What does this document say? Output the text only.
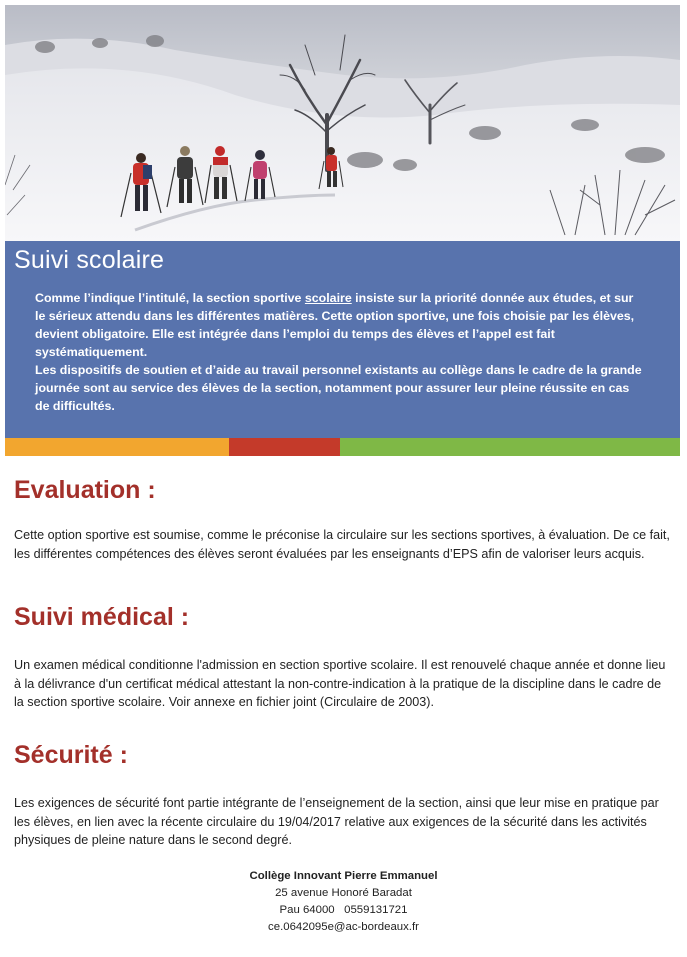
Suivi scolaire

Comme l’indique l’intitulé, la section sportive scolaire insiste sur la priorité donnée aux études, et sur le sérieux attendu dans les différentes matières. Cette option sportive, une fois choisie par les élèves, devient obligatoire. Elle est intégrée dans l’emploi du temps des élèves et l’appel est fait systématiquement.

Les dispositifs de soutien et d’aide au travail personnel existants au collège dans le cadre de la grande journée sont au service des élèves de la section, notamment pour assurer leur pleine réussite en cas de difficultés.

Evaluation :

Cette option sportive est soumise, comme le préconise la circulaire sur les sections sportives, à évaluation. De ce fait, les différentes compétences des élèves seront évaluées par les enseignants d’EPS afin de valoriser leurs acquis.

Suivi médical :

Un examen médical conditionne l'admission en section sportive scolaire. Il est renouvelé chaque année et donne lieu à la délivrance d'un certificat médical attestant la non-contre-indication à la pratique de la discipline dans le cadre de la section sportive scolaire. Voir annexe en fichier joint (Circulaire de 2003).

Sécurité :

Les exigences de sécurité font partie intégrante de l’enseignement de la section, ainsi que leur mise en pratique par les élèves, en lien avec la récente circulaire du 19/04/2017 relative aux exigences de la sécurité dans les activités physiques de pleine nature dans le second degré.

Collège Innovant Pierre Emmanuel
25 avenue Honoré Baradat
Pau 64000   0559131721
ce.0642095e@ac-bordeaux.fr
